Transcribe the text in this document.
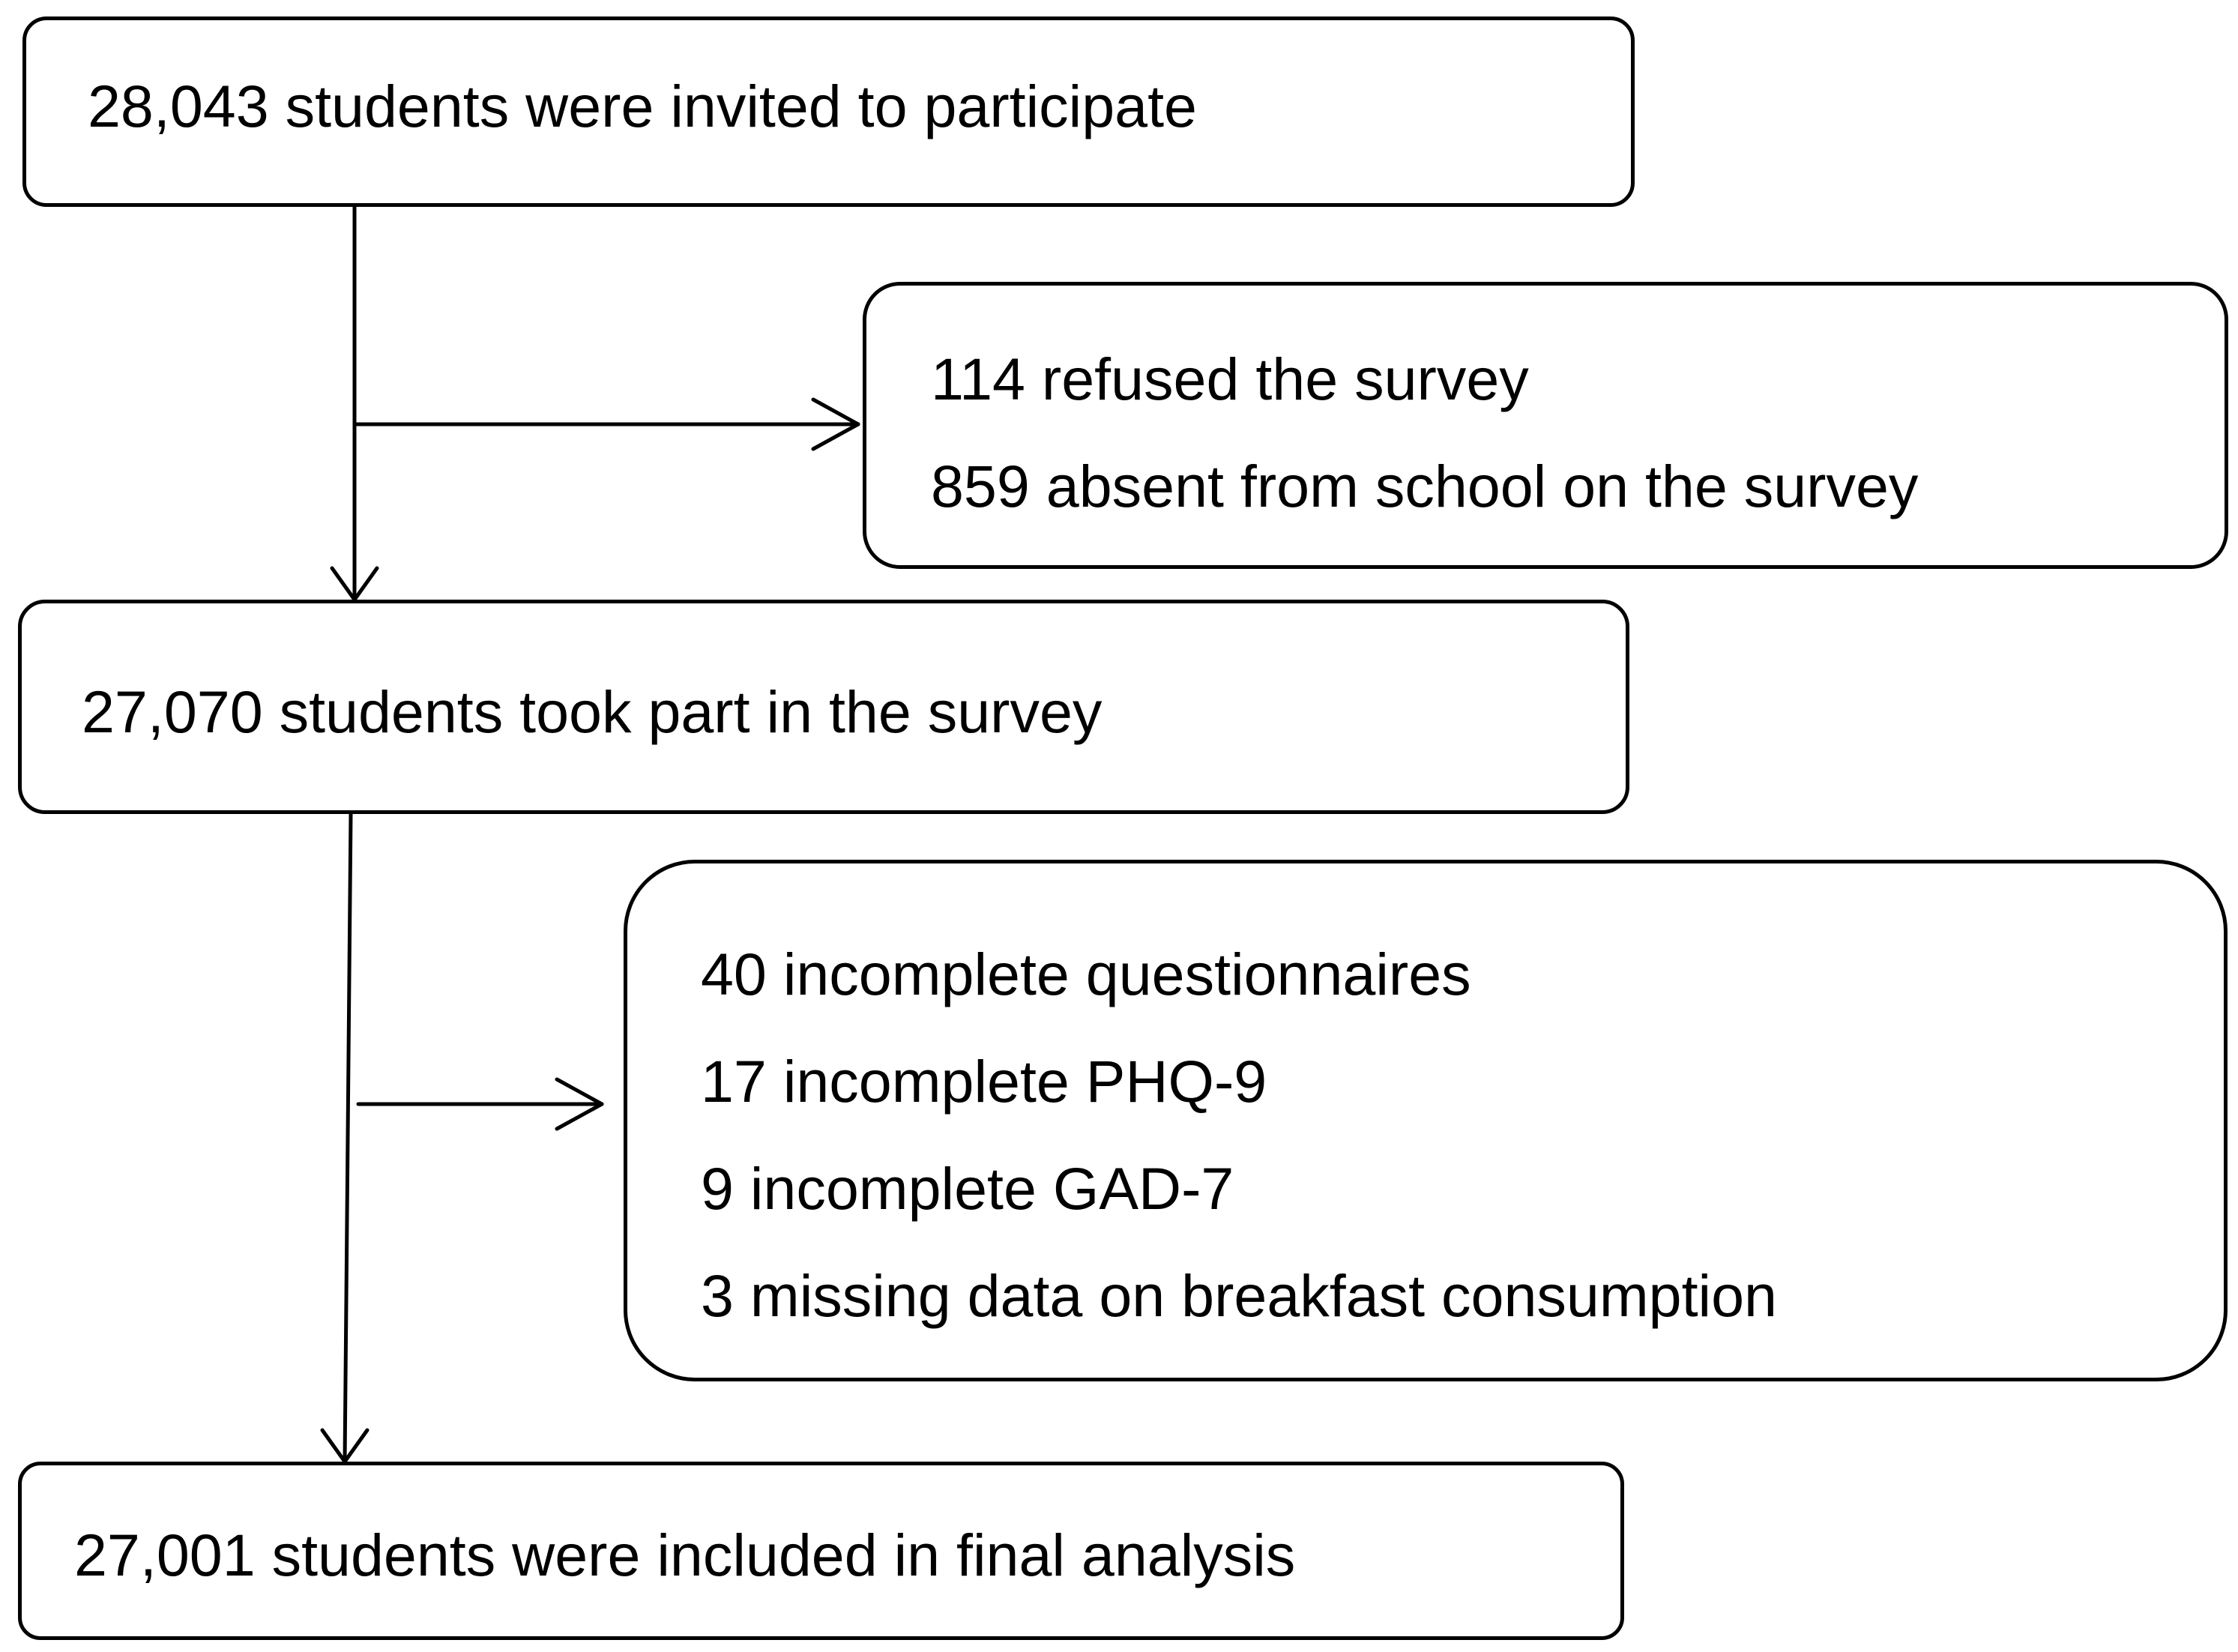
28,043 students were invited to participate
114 refused the survey
859 absent from school on the survey
27,070 students took part in the survey
40 incomplete questionnaires
17 incomplete PHQ-9
9 incomplete GAD-7
3 missing data on breakfast consumption
27,001 students were included in final analysis
